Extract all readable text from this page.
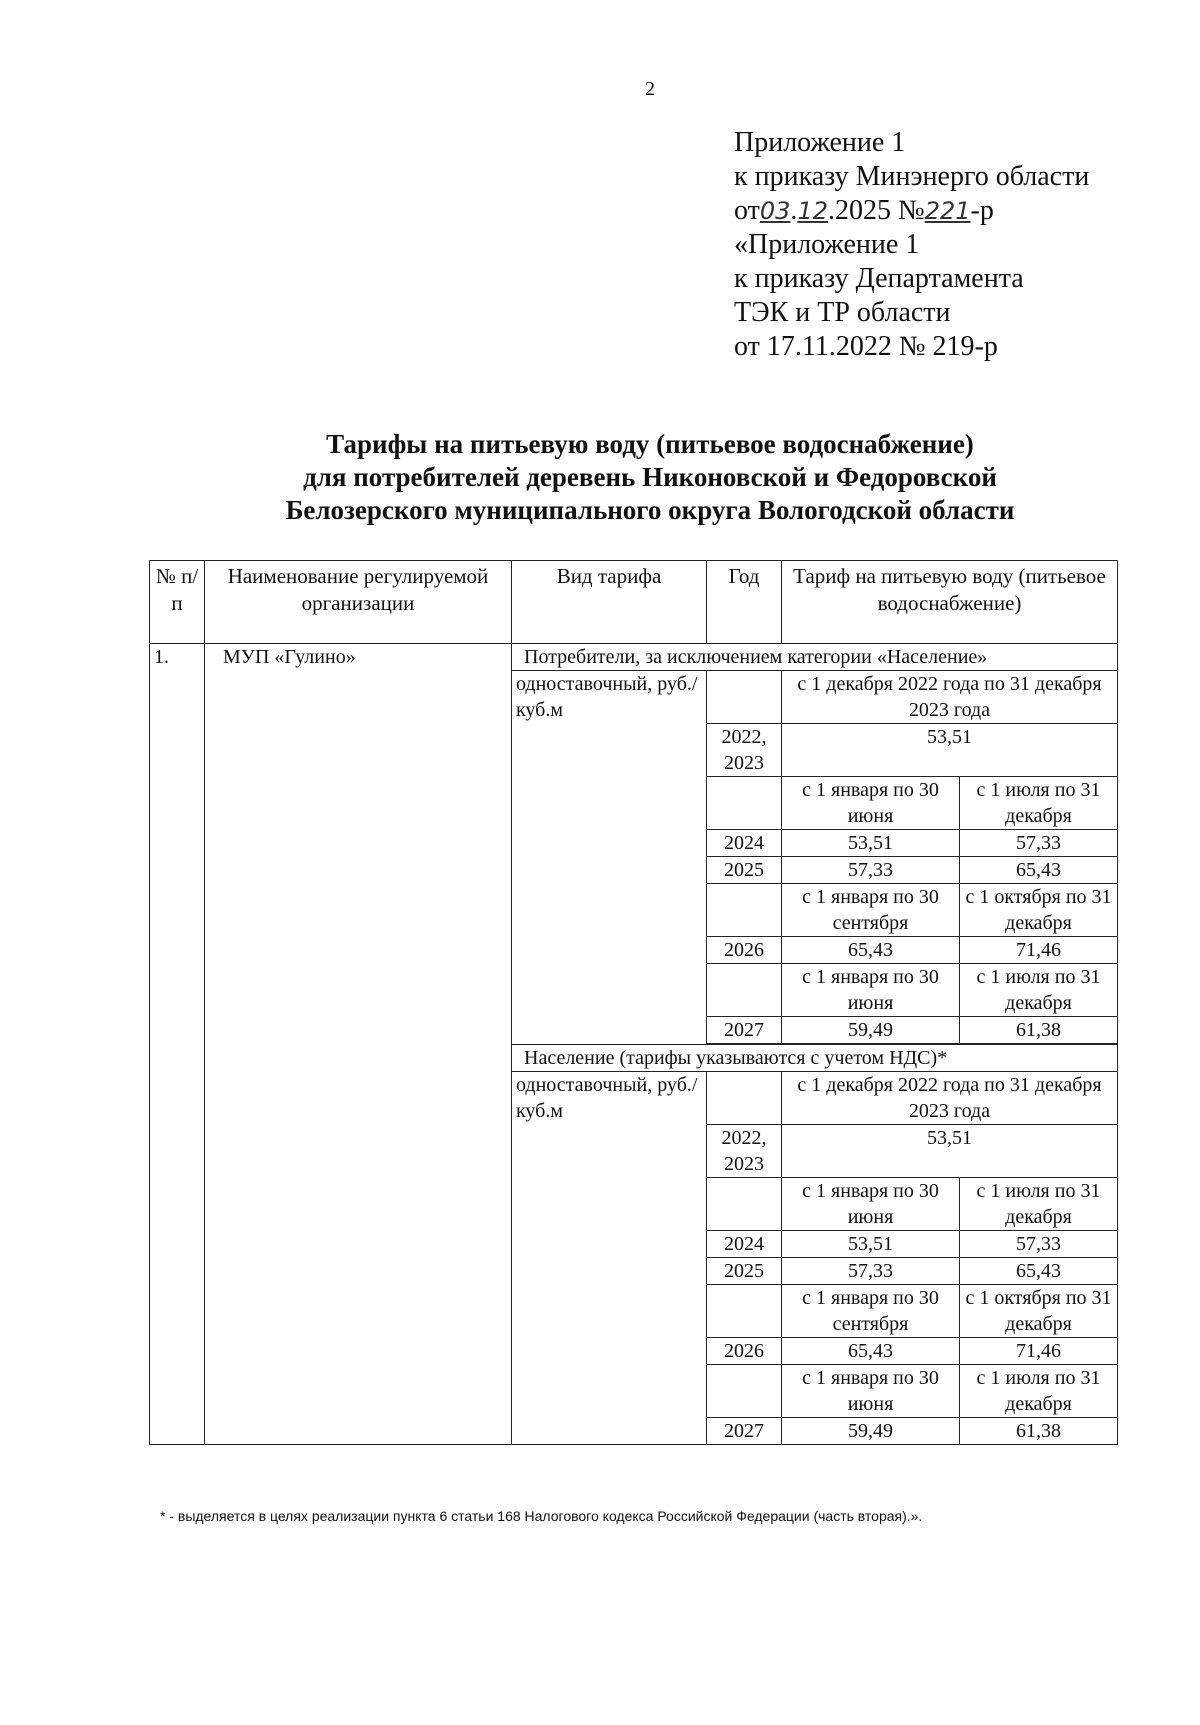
2
Приложение 1
к приказу Минэнерго области
от03.12.2025 №221-р
«Приложение 1
к приказу Департамента
ТЭК и ТР области
от 17.11.2022 № 219-р
Тарифы на питьевую воду (питьевое водоснабжение)
для потребителей деревень Никоновской и Федоровской
Белозерского муниципального округа Вологодской области
№ п/п	Наименование регулируемой организации	Вид тарифа	Год	Тариф на питьевую воду (питьевое водоснабжение)	
1.	МУП «Гулино»	Потребители, за исключением категории «Население»			
		одноставочный, руб./куб.м		с 1 декабря 2022 года по 31 декабря 2023 года	
			2022, 2023	53,51	
				с 1 января по 30 июня	с 1 июля по 31 декабря
			2024	53,51	57,33
			2025	57,33	65,43
				с 1 января по 30 сентября	с 1 октября по 31 декабря
			2026	65,43	71,46
				с 1 января по 30 июня	с 1 июля по 31 декабря
			2027	59,49	61,38

		Население (тарифы указываются с учетом НДС)*			
		одноставочный, руб./куб.м		с 1 декабря 2022 года по 31 декабря 2023 года	
			2022, 2023	53,51	
				с 1 января по 30 июня	с 1 июля по 31 декабря
			2024	53,51	57,33
			2025	57,33	65,43
				с 1 января по 30 сентября	с 1 октября по 31 декабря
			2026	65,43	71,46
				с 1 января по 30 июня	с 1 июля по 31 декабря
			2027	59,49	61,38
* - выделяется в целях реализации пункта 6 статьи 168 Налогового кодекса Российской Федерации (часть вторая).».
